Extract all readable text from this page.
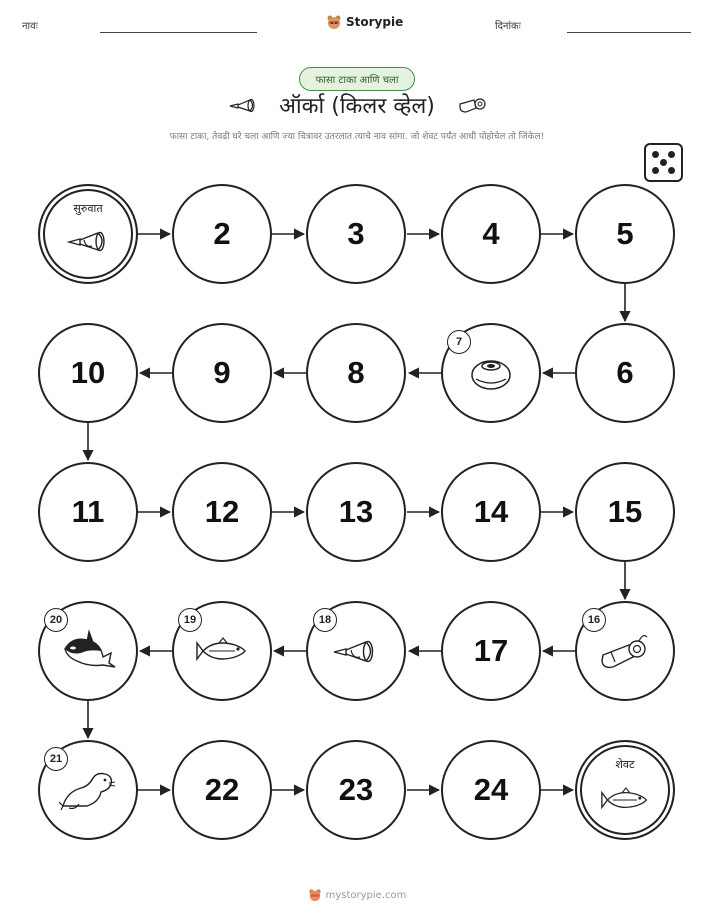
नावः	Storypie	दिनांकः
फासा टाका आणि चला
ऑर्का (किलर व्हेल)
फासा टाका, तेवढी घरे चला आणि ज्या चित्रावर उतरलात त्याचे नाव सांगा. जो शेवट पर्यंत आधी पोहोचेल तो जिंकेल!
सुरुवात
2	3	4	5
10	9	8
7
6
11	12	13	14	15
20	19	18
17
16
21
22	23	24
शेवट
mystorypie.com
